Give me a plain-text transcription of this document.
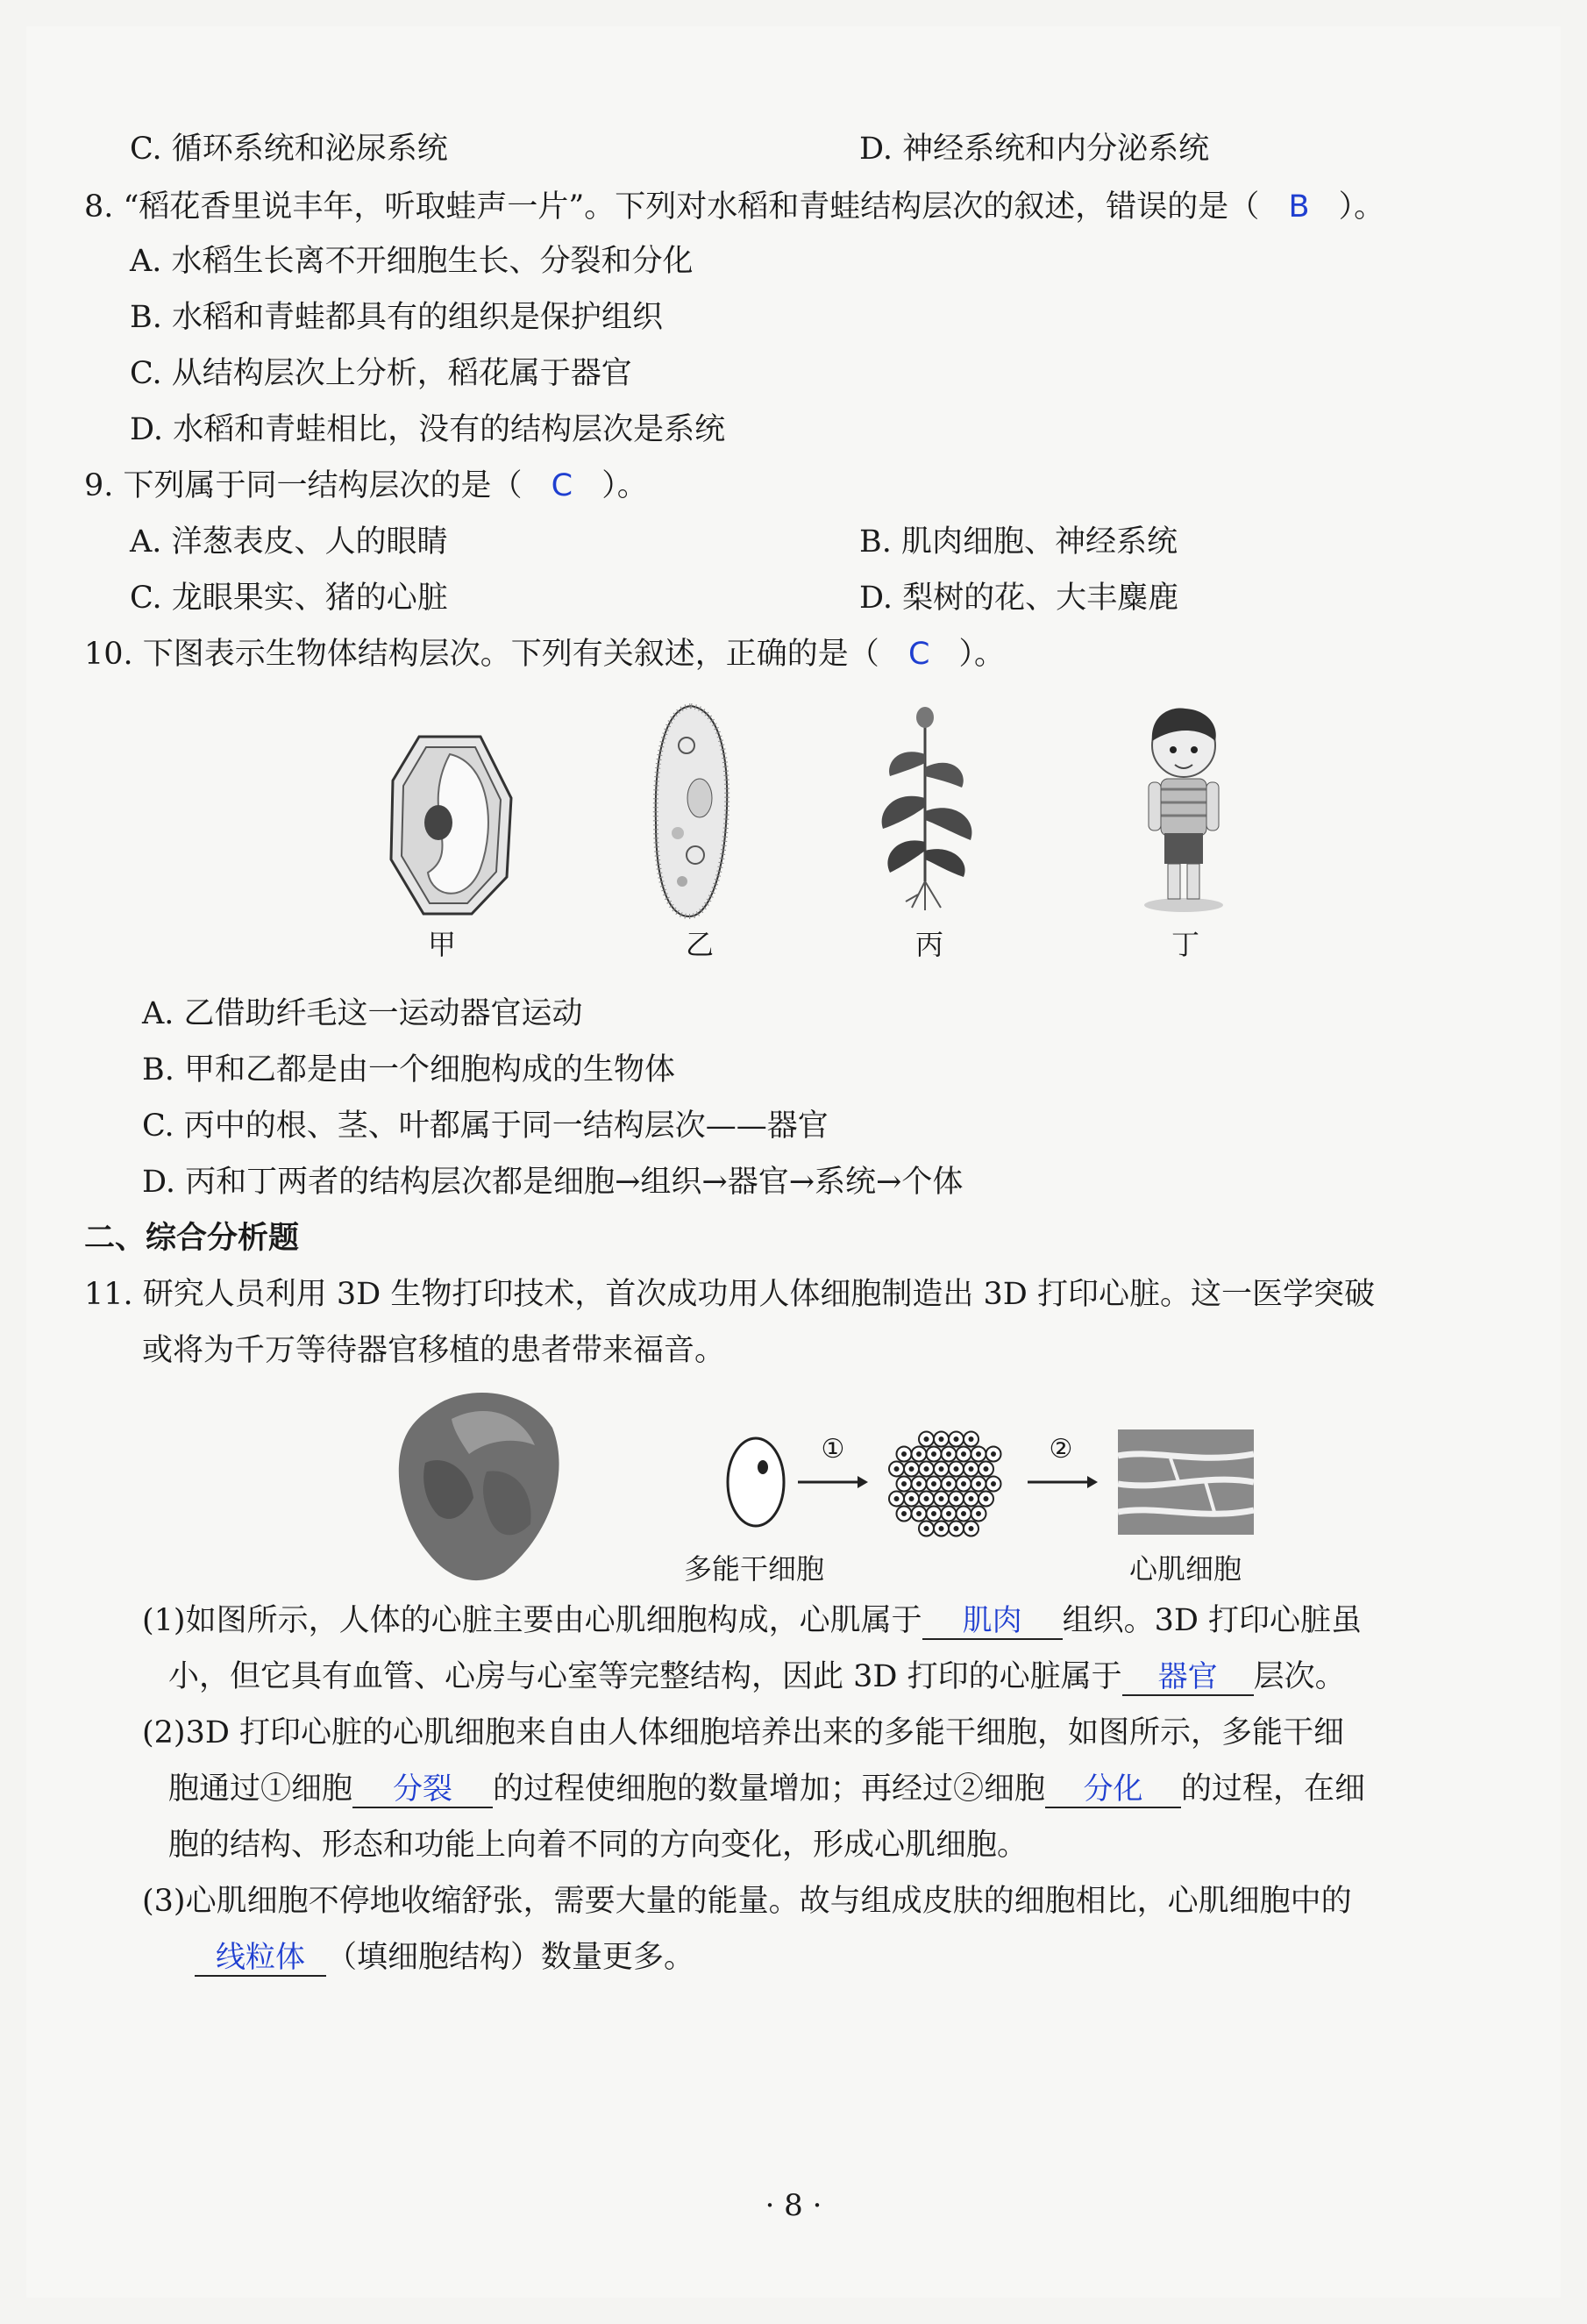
C. 循环系统和泌尿系统	D. 神经系统和内分泌系统
8. “稻花香里说丰年，听取蛙声一片”。下列对水稻和青蛙结构层次的叙述，错误的是（ B ）。
A. 水稻生长离不开细胞生长、分裂和分化
B. 水稻和青蛙都具有的组织是保护组织
C. 从结构层次上分析，稻花属于器官
D. 水稻和青蛙相比，没有的结构层次是系统
9. 下列属于同一结构层次的是（ C ）。
A. 洋葱表皮、人的眼睛	B. 肌肉细胞、神经系统
C. 龙眼果实、猪的心脏	D. 梨树的花、大丰麋鹿
10. 下图表示生物体结构层次。下列有关叙述，正确的是（ C ）。
甲	乙	丙	丁
A. 乙借助纤毛这一运动器官运动
B. 甲和乙都是由一个细胞构成的生物体
C. 丙中的根、茎、叶都属于同一结构层次——器官
D. 丙和丁两者的结构层次都是细胞→组织→器官→系统→个体
二、综合分析题
11. 研究人员利用 3D 生物打印技术，首次成功用人体细胞制造出 3D 打印心脏。这一医学突破
或将为千万等待器官移植的患者带来福音。
①	②
多能干细胞	心肌细胞
(1)如图所示，人体的心脏主要由心肌细胞构成，心肌属于 肌肉 组织。3D 打印心脏虽
小，但它具有血管、心房与心室等完整结构，因此 3D 打印的心脏属于 器官 层次。
(2)3D 打印心脏的心肌细胞来自由人体细胞培养出来的多能干细胞，如图所示，多能干细
胞通过①细胞 分裂 的过程使细胞的数量增加；再经过②细胞 分化 的过程，在细
胞的结构、形态和功能上向着不同的方向变化，形成心肌细胞。
(3)心肌细胞不停地收缩舒张，需要大量的能量。故与组成皮肤的细胞相比，心肌细胞中的
线粒体 （填细胞结构）数量更多。
· 8 ·
